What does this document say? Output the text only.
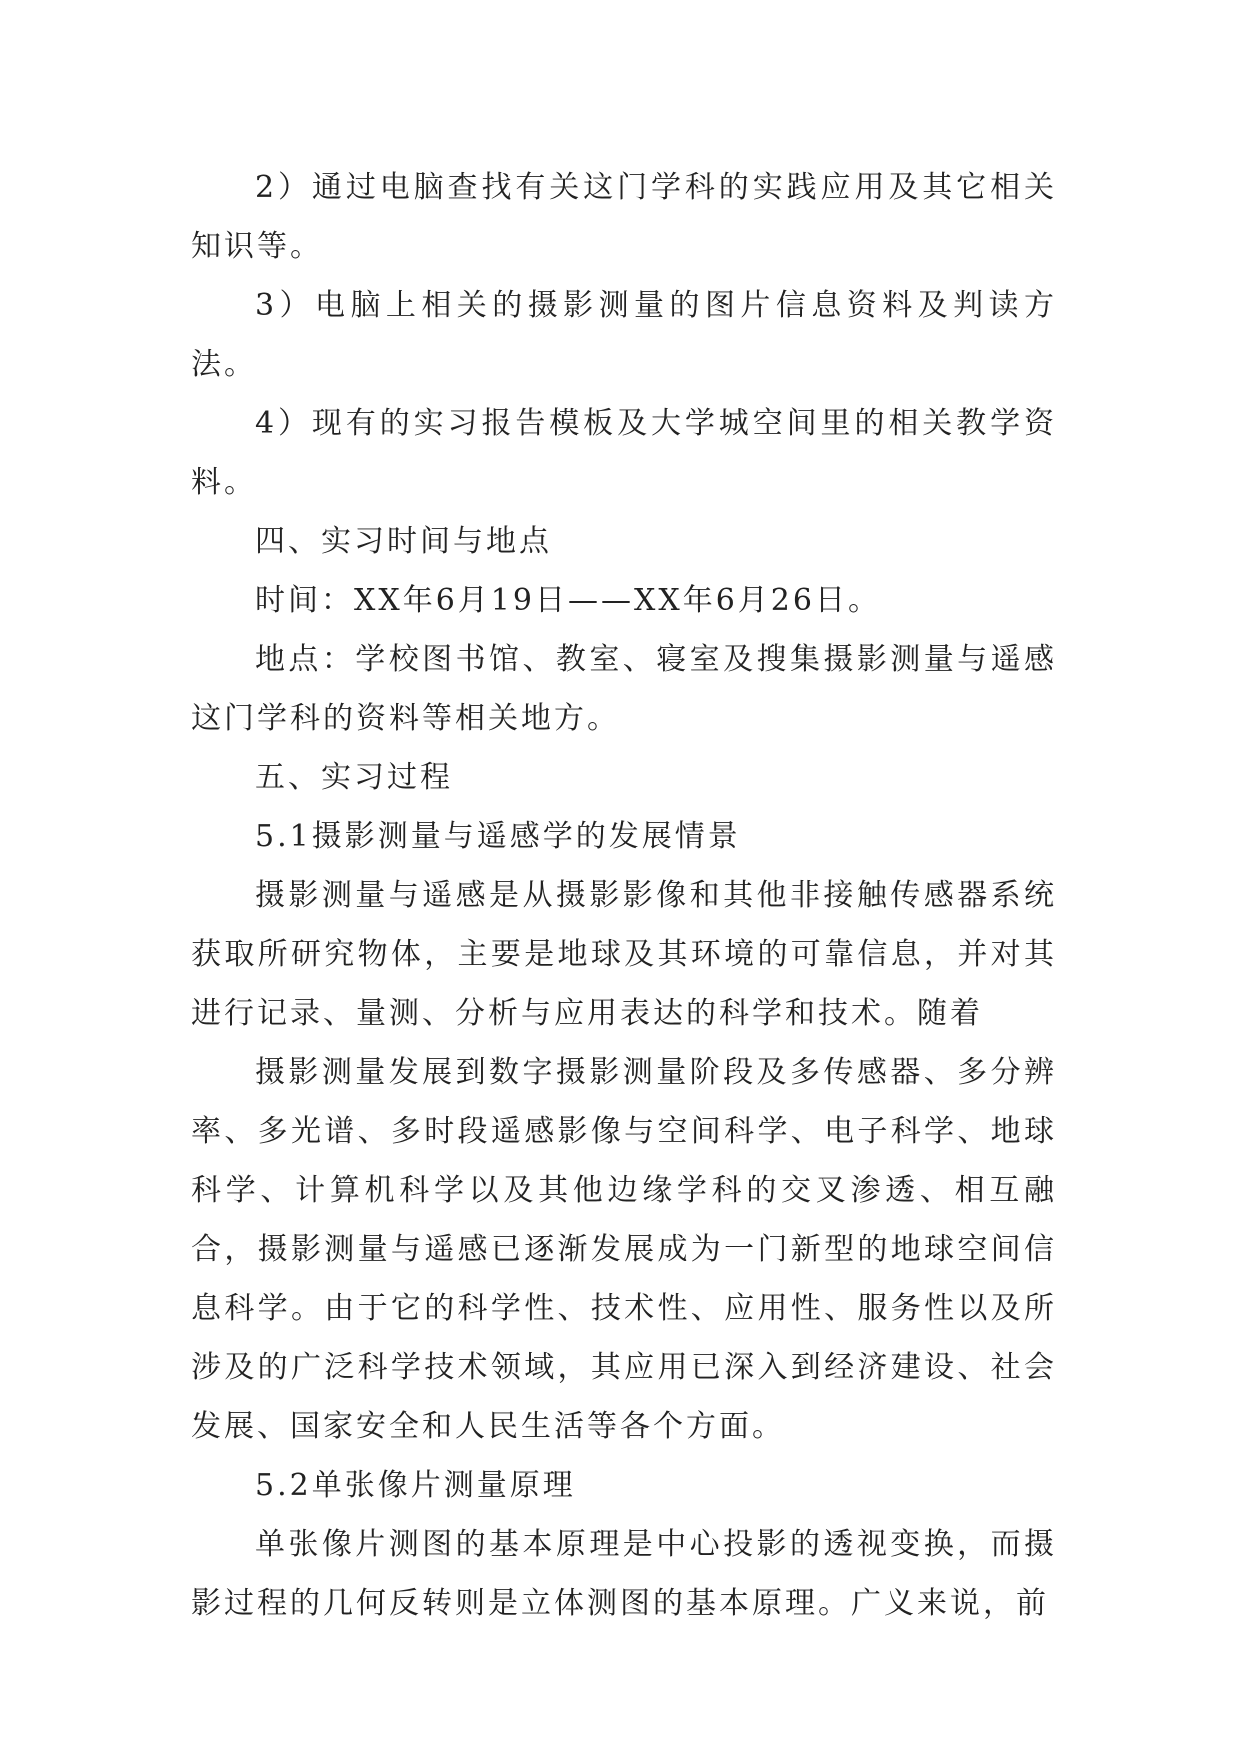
2）通过电脑查找有关这门学科的实践应用及其它相关知识等。

3）电脑上相关的摄影测量的图片信息资料及判读方法。

4）现有的实习报告模板及大学城空间里的相关教学资料。

四、实习时间与地点

时间：XX年6月19日——XX年6月26日。

地点：学校图书馆、教室、寝室及搜集摄影测量与遥感这门学科的资料等相关地方。

五、实习过程

5.1摄影测量与遥感学的发展情景

摄影测量与遥感是从摄影影像和其他非接触传感器系统获取所研究物体，主要是地球及其环境的可靠信息，并对其进行记录、量测、分析与应用表达的科学和技术。随着

摄影测量发展到数字摄影测量阶段及多传感器、多分辨率、多光谱、多时段遥感影像与空间科学、电子科学、地球科学、计算机科学以及其他边缘学科的交叉渗透、相互融合，摄影测量与遥感已逐渐发展成为一门新型的地球空间信息科学。由于它的科学性、技术性、应用性、服务性以及所涉及的广泛科学技术领域，其应用已深入到经济建设、社会发展、国家安全和人民生活等各个方面。

5.2单张像片测量原理

单张像片测图的基本原理是中心投影的透视变换，而摄影过程的几何反转则是立体测图的基本原理。广义来说，前
